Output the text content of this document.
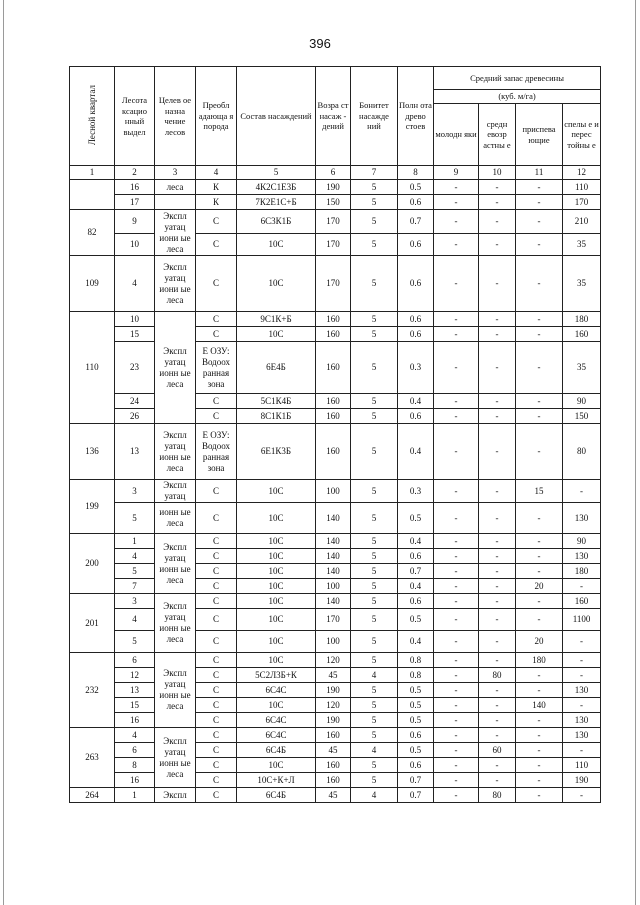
396
Лесной квартал	Лесота ксацио нный выдел	Целев ое назна чение лесов	Преобл адающа я порода	Состав насаждений	Возра ст насаж - дений	Бонитет насажде ний	Полн ота древо стоев	Средний запас древесины			
								(куб. м/га)			
								молодн яки	средн евозр астны е	приспева ющие	спелы е и перес тойны е
1	2	3	4	5	6	7	8	9	10	11	12
	16	леса	К	4К2С1Е3Б	190	5	0.5	-	-	-	110
	17		К	7К2Е1С+Б	150	5	0.6	-	-	-	170
82	9	Экспл уатац иони ые леса	С	6С3К1Б	170	5	0.7	-	-	-	210
	10		С	10С	170	5	0.6	-	-	-	35
109	4	Экспл уатац иони ые леса	С	10С	170	5	0.6	-	-	-	35
110	10	Экспл уатац ионн ые леса	С	9С1К+Б	160	5	0.6	-	-	-	180
	15		С	10С	160	5	0.6	-	-	-	160
	23		Е ОЗУ: Водоох ранная зона	6Е4Б	160	5	0.3	-	-	-	35
	24		С	5С1К4Б	160	5	0.4	-	-	-	90
	26		С	8С1К1Б	160	5	0.6	-	-	-	150
136	13	Экспл уатац ионн ые леса	Е ОЗУ: Водоох ранная зона	6Е1К3Б	160	5	0.4	-	-	-	80
199	3	Экспл уатац	С	10С	100	5	0.3	-	-	15	-
	5	ионн ые леса	С	10С	140	5	0.5	-	-	-	130
200	1	Экспл уатац ионн ые леса	С	10С	140	5	0.4	-	-	-	90
	4		С	10С	140	5	0.6	-	-	-	130
	5		С	10С	140	5	0.7	-	-	-	180
	7		С	10С	100	5	0.4	-	-	20	-
201	3	Экспл уатац ионн ые леса	С	10С	140	5	0.6	-	-	-	160
	4		С	10С	170	5	0.5	-	-	-	1100
	5		С	10С	100	5	0.4	-	-	20	-
232	6	Экспл уатац ионн ые леса	С	10С	120	5	0.8	-	-	180	-
	12		С	5С2Л3Б+К	45	4	0.8	-	80	-	-
	13		С	6С4С	190	5	0.5	-	-	-	130
	15		С	10С	120	5	0.5	-	-	140	-
	16		С	6С4С	190	5	0.5	-	-	-	130
263	4	Экспл уатац ионн ые леса	С	6С4С	160	5	0.6	-	-	-	130
	6		С	6С4Б	45	4	0.5	-	60	-	-
	8		С	10С	160	5	0.6	-	-	-	110
	16		С	10С+К+Л	160	5	0.7	-	-	-	190
264	1	Экспл	С	6С4Б	45	4	0.7	-	80	-	-
